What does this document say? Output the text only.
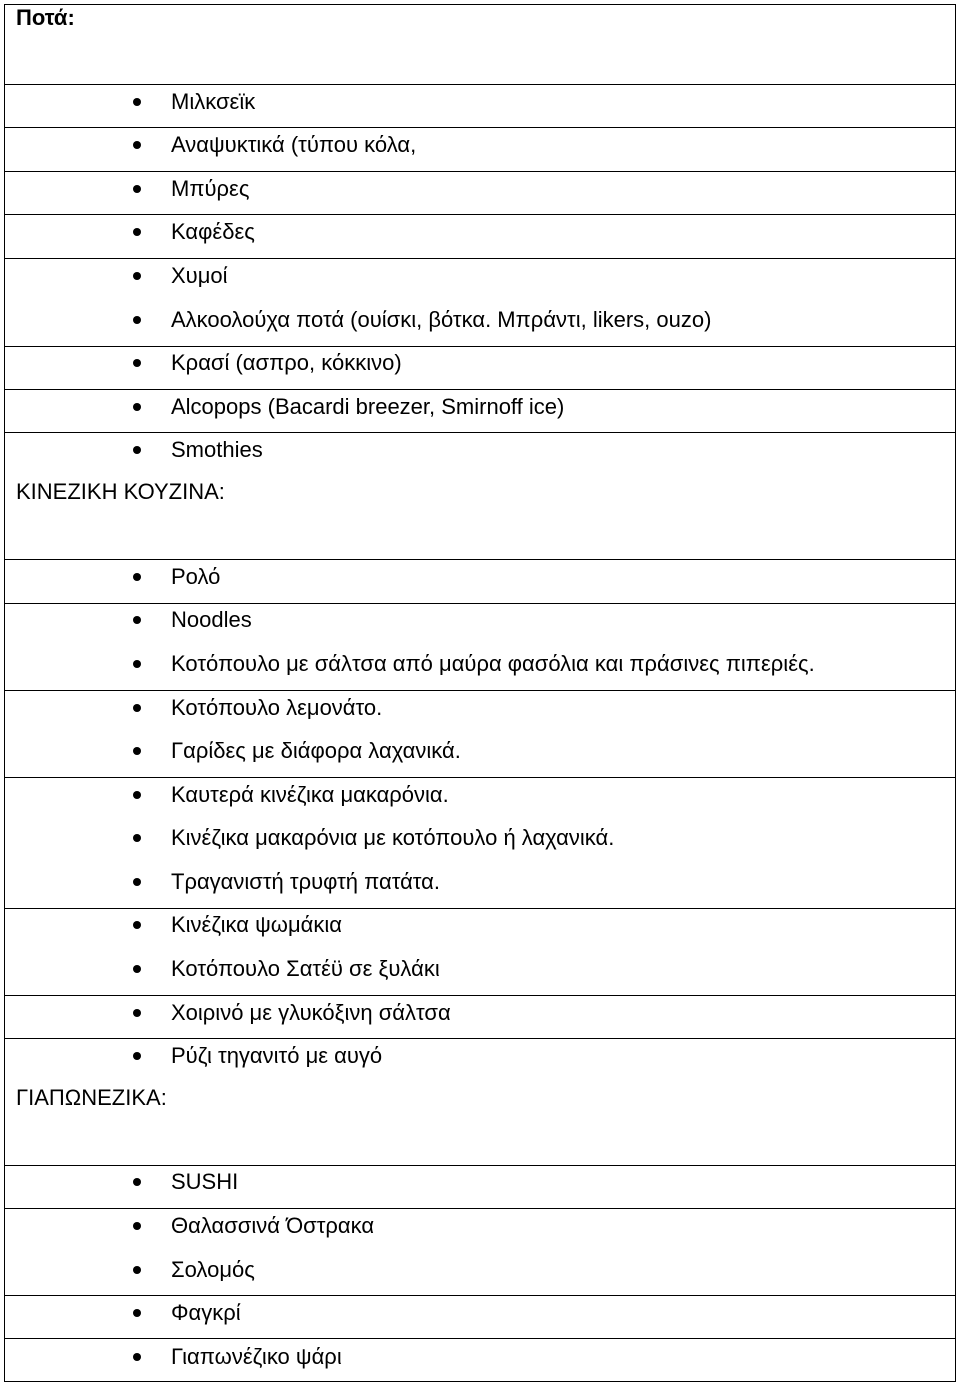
Ποτά:
ΚΙΝΕΖΙΚΗ ΚΟΥΖΙΝΑ:
ΓΙΑΠΩΝΕΖΙΚΑ:
Μιλκσεϊκ
Αναψυκτικά (τύπου κόλα,
Μπύρες
Καφέδες
Χυμοί
Αλκοολούχα ποτά (ουίσκι, βότκα. Μπράντι, likers, ouzo)
Κρασί (ασπρο, κόκκινο)
Alcopops (Bacardi breezer, Smirnoff ice)
Smothies
Ρολό
Noodles
Κοτόπουλο με σάλτσα από μαύρα φασόλια και πράσινες πιπεριές.
Κοτόπουλο λεμονάτο.
Γαρίδες με διάφορα λαχανικά.
Καυτερά κινέζικα μακαρόνια.
Κινέζικα μακαρόνια με κοτόπουλο ή λαχανικά.
Τραγανιστή τρυφτή πατάτα.
Κινέζικα ψωμάκια
Κοτόπουλο Σατέϋ σε ξυλάκι
Χοιρινό με γλυκόξινη σάλτσα
Ρύζι τηγανιτό με αυγό
SUSHI
Θαλασσινά Όστρακα
Σολομός
Φαγκρί
Γιαπωνέζικο ψάρι
